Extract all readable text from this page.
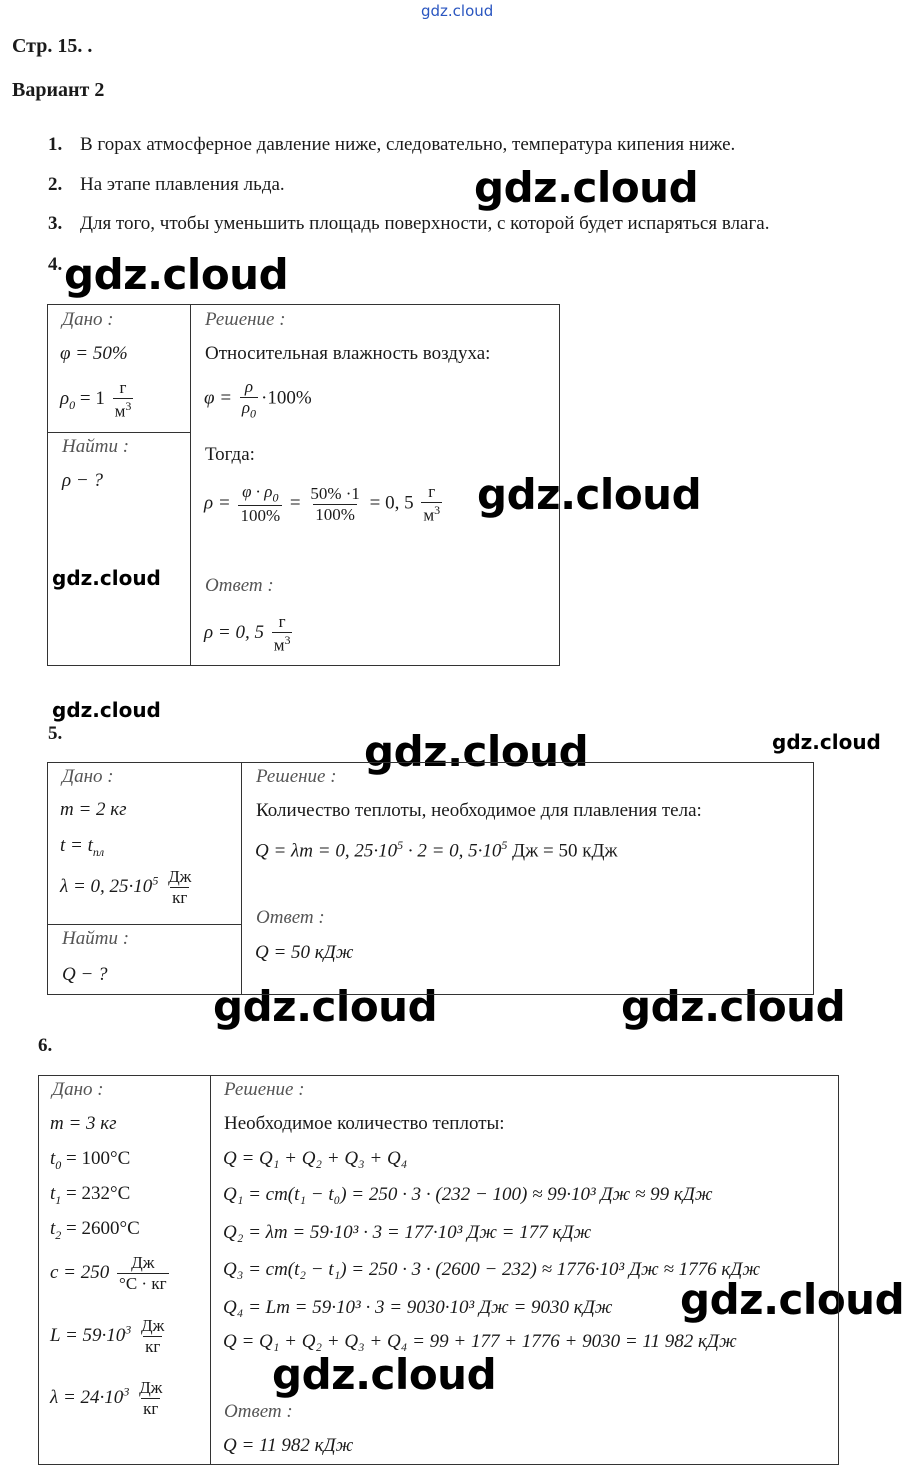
gdz.cloud
gdz.cloud
gdz.cloud
gdz.cloud
gdz.cloud
gdz.cloud
gdz.cloud	gdz.cloud
gdz.cloud	gdz.cloud
gdz.cloud
gdz.cloud
Стр. 15. .
Вариант 2
1. В горах атмосферное давление ниже, следовательно, температура кипения ниже.
2. На этапе плавления льда.
3. Для того, чтобы уменьшить площадь поверхности, с которой будет испаряться влага.
4.
Дано :
φ = 50%
$\rho_0 = 1 \frac{г}{м^3}$
Найти :
ρ − ?
Решение :
Относительная влажность воздуха:
$\varphi = \frac{\rho}{\rho_0} \cdot 100\%$
Тогда:
$\rho = \frac{\varphi \cdot \rho_0}{100\%} = \frac{50\% \cdot 1}{100\%} = 0$, $5 \frac{г}{м^3}$
Ответ :
ρ = 0, $5 \frac{г}{м^3}$
5.
Дано :
m = 2 кг
$t = t_{пл}$
λ = 0, $25\cdot 10^5 \frac{Дж}{кг}$
Найти :
Q − ?
Решение :
Количество теплоты, необходимое для плавления тела:
Q = λm = 0, $25\cdot 10^5 \cdot 2 = 0$, $5\cdot 10^5$ Дж = 50 кДж
Ответ :
Q = 50 кДж
6.
Дано :
m = 3 кг
$t_0 = 100^\circ С$
$t_1 = 232^\circ С$
$t_2 = 2600^\circ С$
$c = 250 \frac{Дж}{^\circ С \cdot кг}$
$L = 59\cdot 10^3 \frac{Дж}{кг}$
$\lambda = 24\cdot 10^3 \frac{Дж}{кг}$
Решение :
Необходимое количество теплоты:
Q = Q₁ + Q₂ + Q₃ + Q₄
Q₁ = cm(t₁ − t₀) = 250 · 3 · (232 − 100) ≈ 99·10³ Дж ≈ 99 кДж
Q₂ = λm = 59·10³ · 3 = 177·10³ Дж = 177 кДж
Q₃ = cm(t₂ − t₁) = 250 · 3 · (2600 − 232) ≈ 1776·10³ Дж ≈ 1776 кДж
Q₄ = Lm = 59·10³ · 3 = 9030·10³ Дж = 9030 кДж
Q = Q₁ + Q₂ + Q₃ + Q₄ = 99 + 177 + 1776 + 9030 = 11 982 кДж
Ответ :
Q = 11 982 кДж
